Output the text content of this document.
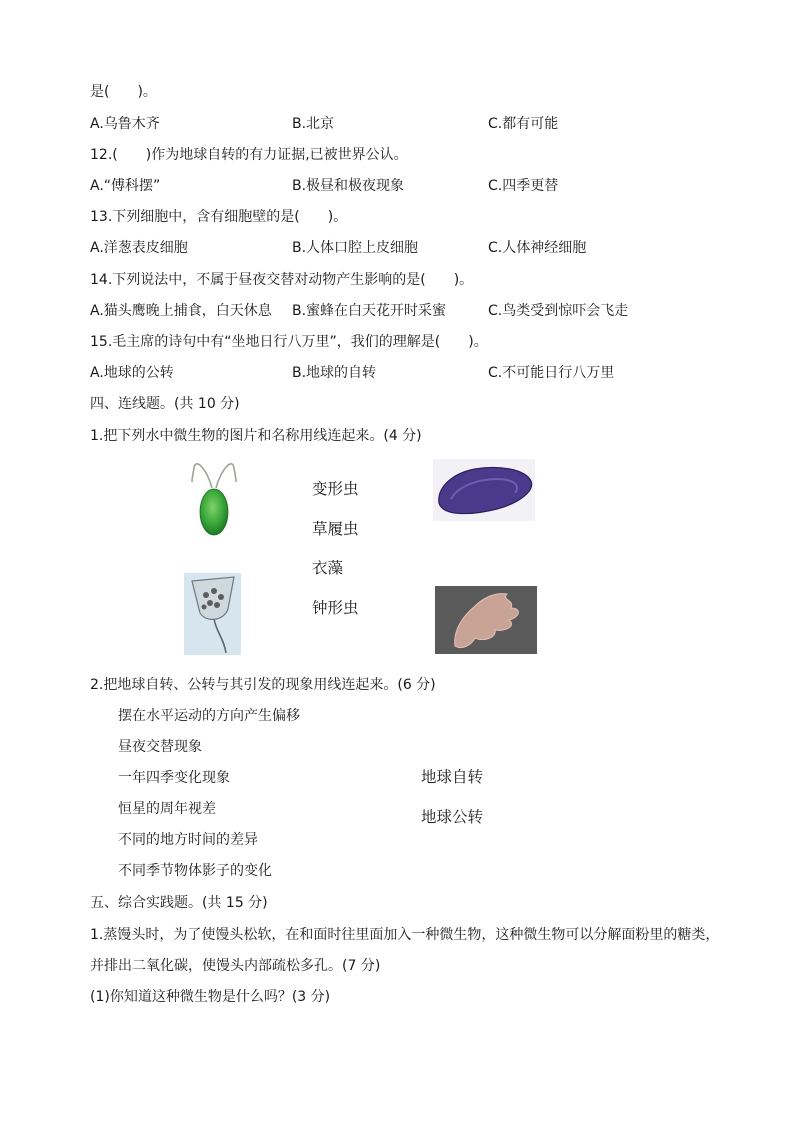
是(　　)。
A.乌鲁木齐	B.北京	C.都有可能
12.(　　)作为地球自转的有力证据,已被世界公认。
A.“傅科摆”	B.极昼和极夜现象	C.四季更替
13.下列细胞中，含有细胞壁的是(　　)。
A.洋葱表皮细胞	B.人体口腔上皮细胞	C.人体神经细胞
14.下列说法中，不属于昼夜交替对动物产生影响的是(　　)。
A.猫头鹰晚上捕食，白天休息 B.蜜蜂在白天花开时采蜜	C.鸟类受到惊吓会飞走
15.毛主席的诗句中有“坐地日行八万里”，我们的理解是(　　)。
A.地球的公转	B.地球的自转	C.不可能日行八万里
四、连线题。(共 10 分)
1.把下列水中微生物的图片和名称用线连起来。(4 分)
变形虫
草履虫
衣藻
钟形虫
2.把地球自转、公转与其引发的现象用线连起来。(6 分)
摆在水平运动的方向产生偏移
昼夜交替现象
一年四季变化现象
恒星的周年视差
不同的地方时间的差异
不同季节物体影子的变化
地球自转
地球公转
五、综合实践题。(共 15 分)
1.蒸馒头时，为了使馒头松软，在和面时往里面加入一种微生物，这种微生物可以分解面粉里的糖类，
并排出二氧化碳，使馒头内部疏松多孔。(7 分)
(1)你知道这种微生物是什么吗？(3 分)
